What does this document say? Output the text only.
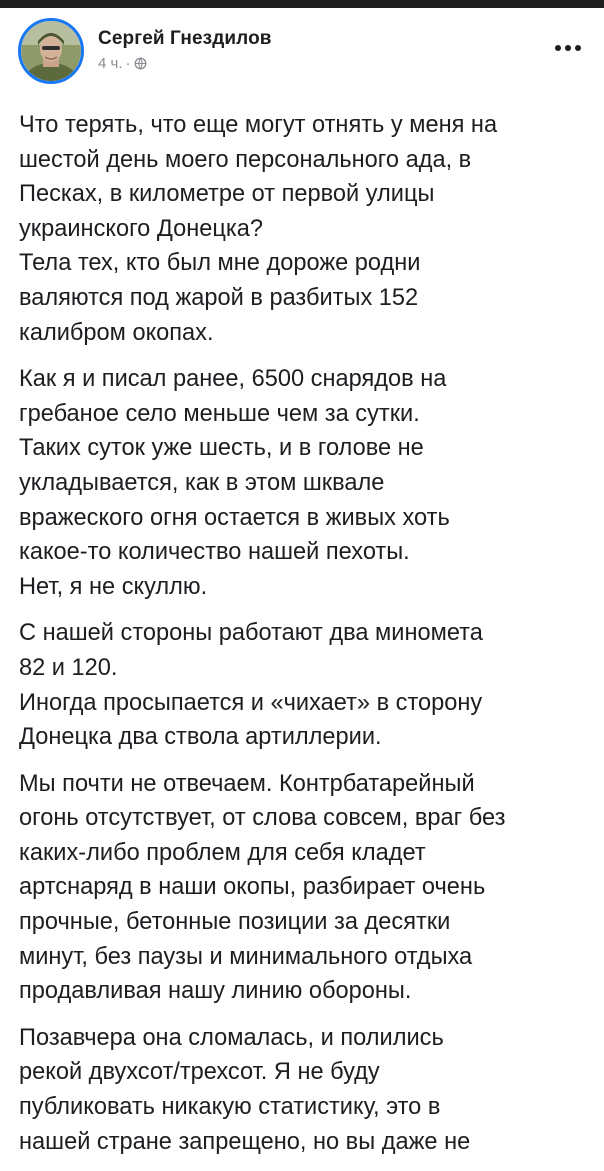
Сергей Гнездилов
4 ч. ·

Что терять, что еще могут отнять у меня на
шестой день моего персонального ада, в
Песках, в километре от первой улицы
украинского Донецка?
Тела тех, кто был мне дороже родни
валяются под жарой в разбитых 152
калибром окопах.

Как я и писал ранее, 6500 снарядов на
гребаное село меньше чем за сутки.
Таких суток уже шесть, и в голове не
укладывается, как в этом шквале
вражеского огня остается в живых хоть
какое-то количество нашей пехоты.
Нет, я не скуллю.

С нашей стороны работают два миномета
82 и 120.
Иногда просыпается и «чихает» в сторону
Донецка два ствола артиллерии.

Мы почти не отвечаем. Контрбатарейный
огонь отсутствует, от слова совсем, враг без
каких-либо проблем для себя кладет
артснаряд в наши окопы, разбирает очень
прочные, бетонные позиции за десятки
минут, без паузы и минимального отдыха
продавливая нашу линию обороны.

Позавчера она сломалась, и полились
рекой двухсот/трехсот. Я не буду
публиковать никакую статистику, это в
нашей стране запрещено, но вы даже не
